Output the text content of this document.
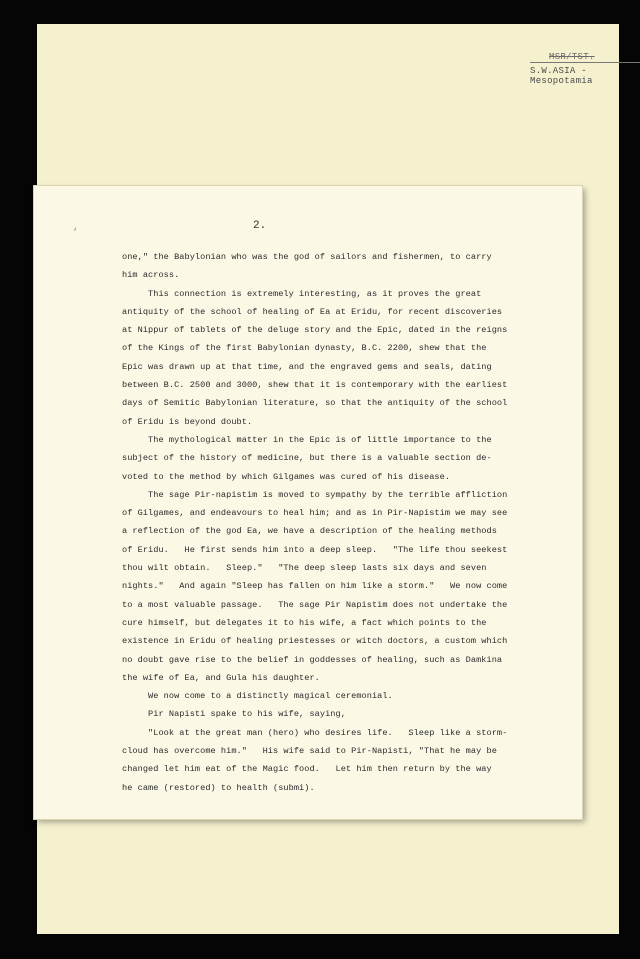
MSR/TST.
S.W.ASIA - Mesopotamia
‘
2.
one," the Babylonian who was the god of sailors and fishermen, to carry
him across.
This connection is extremely interesting, as it proves the great
antiquity of the school of healing of Ea at Eridu, for recent discoveries
at Nippur of tablets of the deluge story and the Epic, dated in the reigns
of the Kings of the first Babylonian dynasty, B.C. 2200, shew that the
Epic was drawn up at that time, and the engraved gems and seals, dating
between B.C. 2500 and 3000, shew that it is contemporary with the earliest
days of Semitic Babylonian literature, so that the antiquity of the school
of Eridu is beyond doubt.
The mythological matter in the Epic is of little importance to the
subject of the history of medicine, but there is a valuable section de-
voted to the method by which Gilgames was cured of his disease.
The sage Pir-napistim is moved to sympathy by the terrible affliction
of Gilgames, and endeavours to heal him; and as in Pir-Napistim we may see
a reflection of the god Ea, we have a description of the healing methods
of Eridu.   He first sends him into a deep sleep.   "The life thou seekest
thou wilt obtain.   Sleep."   "The deep sleep lasts six days and seven
nights."   And again "Sleep has fallen on him like a storm."   We now come
to a most valuable passage.   The sage Pir Napistim does not undertake the
cure himself, but delegates it to his wife, a fact which points to the
existence in Eridu of healing priestesses or witch doctors, a custom which
no doubt gave rise to the belief in goddesses of healing, such as Damkina
the wife of Ea, and Gula his daughter.
We now come to a distinctly magical ceremonial.
Pir Napisti spake to his wife, saying,
"Look at the great man (hero) who desires life.   Sleep like a storm-
cloud has overcome him."   His wife said to Pir-Napisti, "That he may be
changed let him eat of the Magic food.   Let him then return by the way
he came (restored) to health (submi).
